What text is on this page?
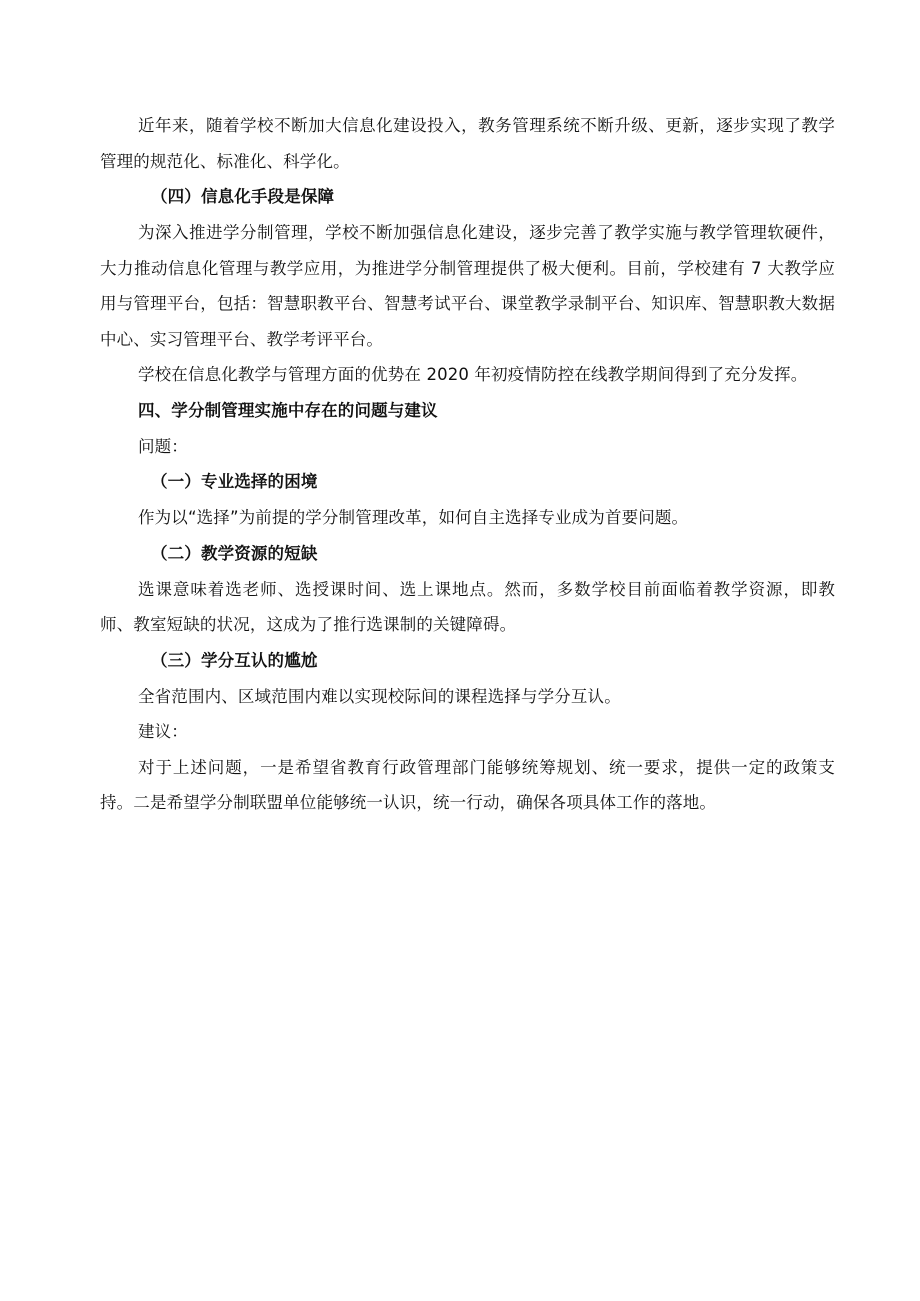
近年来，随着学校不断加大信息化建设投入，教务管理系统不断升级、更新，逐步实现了教学管理的规范化、标准化、科学化。

（四）信息化手段是保障

为深入推进学分制管理，学校不断加强信息化建设，逐步完善了教学实施与教学管理软硬件，大力推动信息化管理与教学应用，为推进学分制管理提供了极大便利。目前，学校建有 7 大教学应用与管理平台，包括：智慧职教平台、智慧考试平台、课堂教学录制平台、知识库、智慧职教大数据中心、实习管理平台、教学考评平台。

学校在信息化教学与管理方面的优势在 2020 年初疫情防控在线教学期间得到了充分发挥。

四、学分制管理实施中存在的问题与建议

问题：

（一）专业选择的困境

作为以“选择”为前提的学分制管理改革，如何自主选择专业成为首要问题。

（二）教学资源的短缺

选课意味着选老师、选授课时间、选上课地点。然而，多数学校目前面临着教学资源，即教师、教室短缺的状况，这成为了推行选课制的关键障碍。

（三）学分互认的尴尬

全省范围内、区域范围内难以实现校际间的课程选择与学分互认。

建议：

对于上述问题，一是希望省教育行政管理部门能够统筹规划、统一要求，提供一定的政策支持。二是希望学分制联盟单位能够统一认识，统一行动，确保各项具体工作的落地。
